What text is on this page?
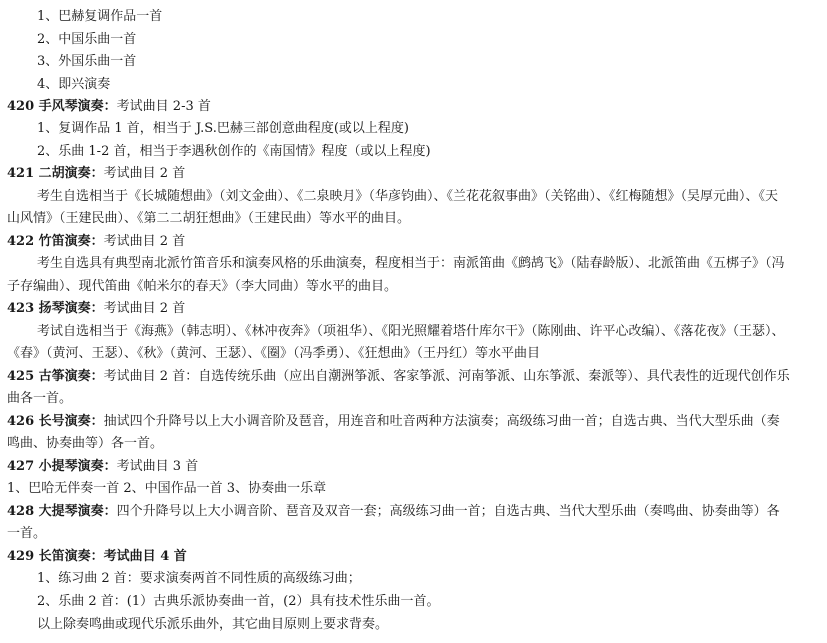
1、巴赫复调作品一首
2、中国乐曲一首
3、外国乐曲一首
4、即兴演奏
420 手风琴演奏：考试曲目 2-3 首
1、复调作品 1 首，相当于 J.S.巴赫三部创意曲程度(或以上程度)
2、乐曲 1-2 首，相当于李遇秋创作的《南国情》程度（或以上程度)
421 二胡演奏：考试曲目 2 首
考生自选相当于《长城随想曲》（刘文金曲）、《二泉映月》（华彦钧曲）、《兰花花叙事曲》（关铭曲）、《红梅随想》（吴厚元曲）、《天
山风情》（王建民曲）、《第二二胡狂想曲》（王建民曲）等水平的曲目。
422 竹笛演奏：考试曲目 2 首
考生自选具有典型南北派竹笛音乐和演奏风格的乐曲演奏，程度相当于：南派笛曲《鹧鸪飞》（陆春龄版）、北派笛曲《五梆子》（冯
子存编曲）、现代笛曲《帕米尔的春天》（李大同曲）等水平的曲目。
423 扬琴演奏：考试曲目 2 首
考试自选相当于《海燕》（韩志明）、《林冲夜奔》（项祖华）、《阳光照耀着塔什库尔干》（陈刚曲、许平心改编）、《落花夜》（王瑟）、
《春》（黄河、王瑟）、《秋》（黄河、王瑟）、《圈》（冯季勇）、《狂想曲》（王丹红）等水平曲目
425 古筝演奏：考试曲目 2 首：自选传统乐曲（应出自潮洲筝派、客家筝派、河南筝派、山东筝派、秦派等）、具代表性的近现代创作乐
曲各一首。
426 长号演奏：抽试四个升降号以上大小调音阶及琶音，用连音和吐音两种方法演奏；高级练习曲一首；自选古典、当代大型乐曲（奏
鸣曲、协奏曲等）各一首。
427 小提琴演奏：考试曲目 3 首
1、巴哈无伴奏一首 2、中国作品一首 3、协奏曲一乐章
428 大提琴演奏：四个升降号以上大小调音阶、琶音及双音一套；高级练习曲一首；自选古典、当代大型乐曲（奏鸣曲、协奏曲等）各
一首。
429 长笛演奏：考试曲目 4 首
1、练习曲 2 首：要求演奏两首不同性质的高级练习曲；
2、乐曲 2 首：(1）古典乐派协奏曲一首，(2）具有技术性乐曲一首。
以上除奏鸣曲或现代乐派乐曲外，其它曲目原则上要求背奏。
